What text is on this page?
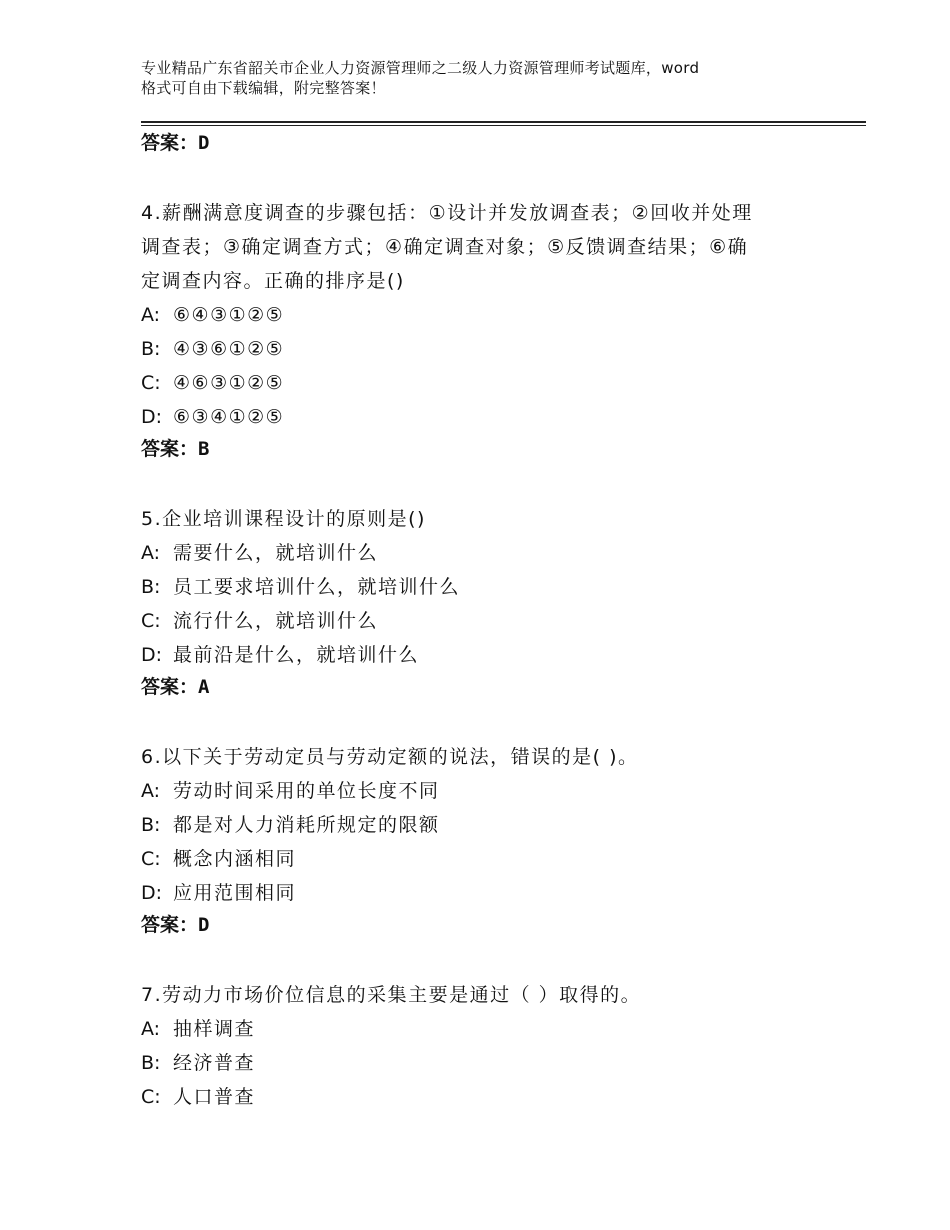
专业精品广东省韶关市企业人力资源管理师之二级人力资源管理师考试题库，word
格式可自由下载编辑，附完整答案！
答案：D
4.薪酬满意度调查的步骤包括：①设计并发放调查表；②回收并处理
调查表；③确定调查方式；④确定调查对象；⑤反馈调查结果；⑥确
定调查内容。正确的排序是()
A: ⑥④③①②⑤
B: ④③⑥①②⑤
C: ④⑥③①②⑤
D: ⑥③④①②⑤
答案：B
5.企业培训课程设计的原则是()
A: 需要什么，就培训什么
B: 员工要求培训什么，就培训什么
C: 流行什么，就培训什么
D: 最前沿是什么，就培训什么
答案：A
6.以下关于劳动定员与劳动定额的说法，错误的是( )。
A: 劳动时间采用的单位长度不同
B: 都是对人力消耗所规定的限额
C: 概念内涵相同
D: 应用范围相同
答案：D
7.劳动力市场价位信息的采集主要是通过（ ）取得的。
A: 抽样调查
B: 经济普查
C: 人口普查
